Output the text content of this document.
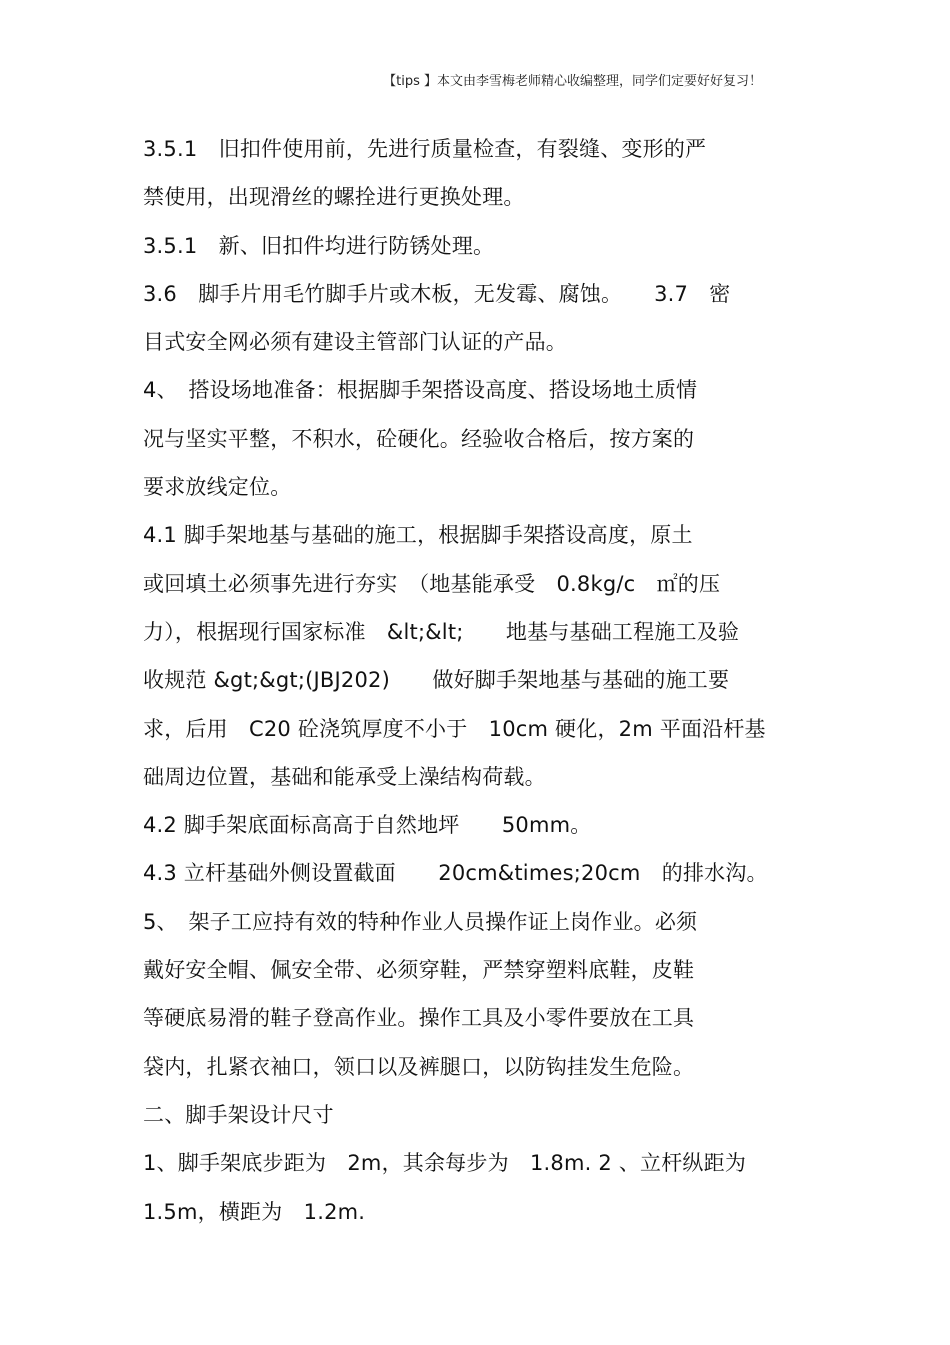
【tips 】本文由李雪梅老师精心收编整理，同学们定要好好复习！
3.5.1　旧扣件使用前，先进行质量检查，有裂缝、变形的严
禁使用，出现滑丝的螺拴进行更换处理。
3.5.1　新、旧扣件均进行防锈处理。
3.6　脚手片用毛竹脚手片或木板，无发霉、腐蚀。　　3.7　密
目式安全网必须有建设主管部门认证的产品。
4、　搭设场地准备：根据脚手架搭设高度、搭设场地土质情
况与坚实平整，不积水，砼硬化。经验收合格后，按方案的
要求放线定位。
4.1 脚手架地基与基础的施工，根据脚手架搭设高度，原土
或回填土必须事先进行夯实　（地基能承受　0.8kg/c　㎡的压
力），根据现行国家标准　&lt;&lt;　　地基与基础工程施工及验
收规范 &gt;&gt;(JBJ202)　　做好脚手架地基与基础的施工要
求，后用　C20 砼浇筑厚度不小于　10cm 硬化，2m 平面沿杆基
础周边位置，基础和能承受上澡结构荷载。
4.2 脚手架底面标高高于自然地坪　　50mm。
4.3 立杆基础外侧设置截面　　20cm&times;20cm　的排水沟。
5、　架子工应持有效的特种作业人员操作证上岗作业。必须
戴好安全帽、佩安全带、必须穿鞋，严禁穿塑料底鞋，皮鞋
等硬底易滑的鞋子登高作业。操作工具及小零件要放在工具
袋内，扎紧衣袖口，领口以及裤腿口，以防钩挂发生危险。
二、脚手架设计尺寸
1、脚手架底步距为　2m，其余每步为　1.8m. 2 、立杆纵距为
1.5m，横距为　1.2m.
